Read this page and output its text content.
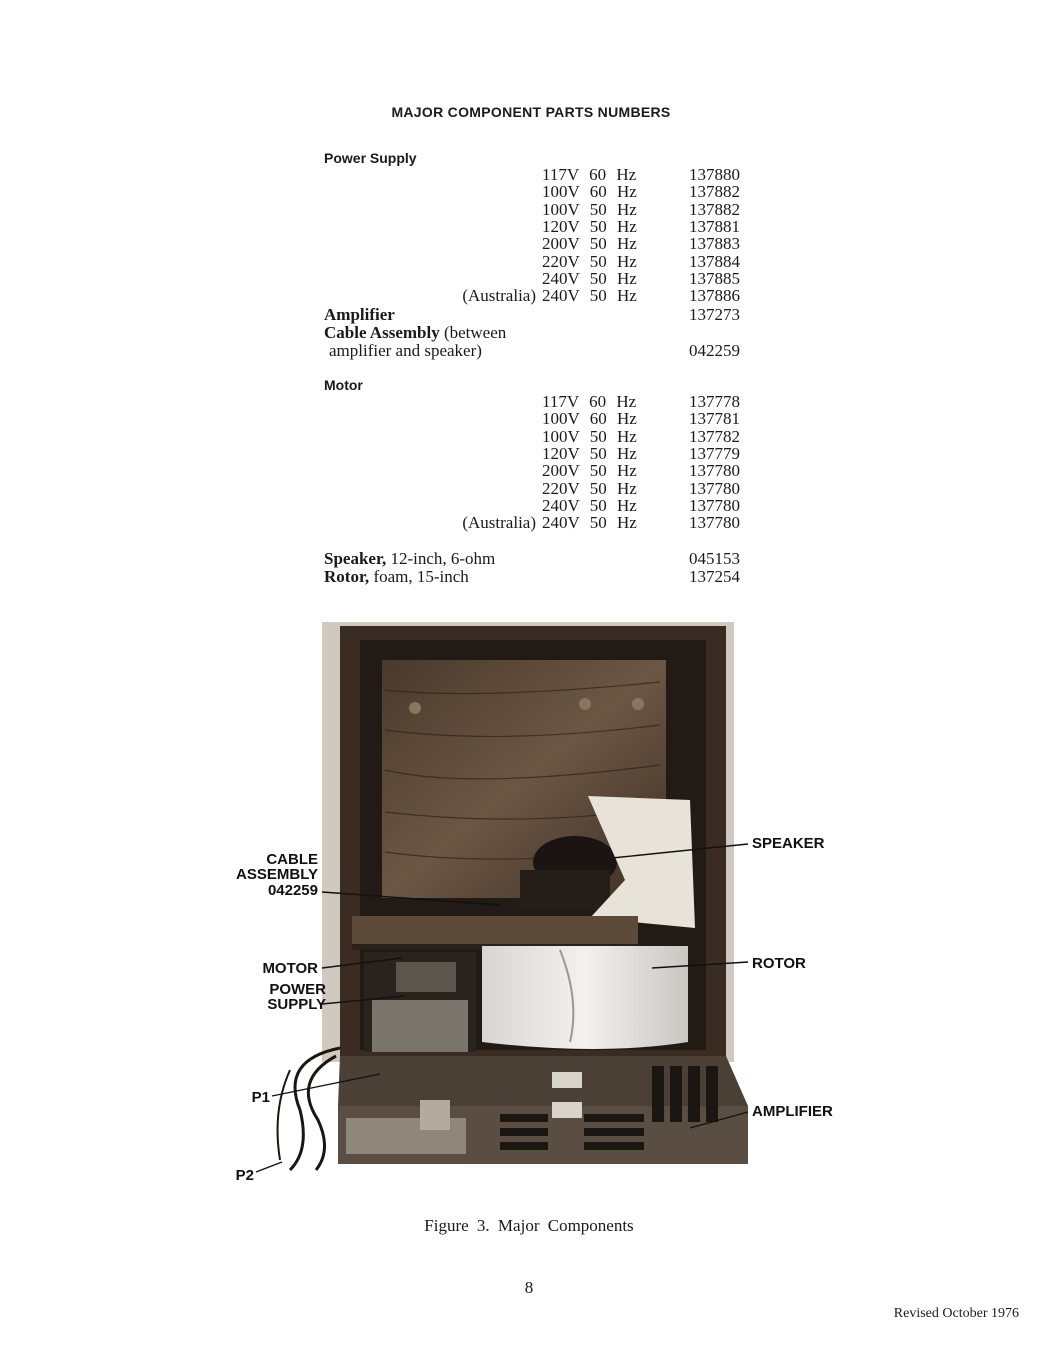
MAJOR COMPONENT PARTS NUMBERS
Power Supply
117V 60 Hz	137880
100V 60 Hz	137882
100V 50 Hz	137882
120V 50 Hz	137881
200V 50 Hz	137883
220V 50 Hz	137884
240V 50 Hz	137885
(Australia) 240V 50 Hz	137886
Amplifier	137273
Cable Assembly (between
amplifier and speaker)	042259
Motor
117V 60 Hz	137778
100V 60 Hz	137781
100V 50 Hz	137782
120V 50 Hz	137779
200V 50 Hz	137780
220V 50 Hz	137780
240V 50 Hz	137780
(Australia) 240V 50 Hz	137780
Speaker, 12-inch, 6-ohm	045153
Rotor, foam, 15-inch	137254
CABLE
ASSEMBLY
042259
SPEAKER
MOTOR
POWER
SUPPLY
ROTOR
P1
AMPLIFIER
P2
Figure 3. Major Components
8
Revised October 1976
